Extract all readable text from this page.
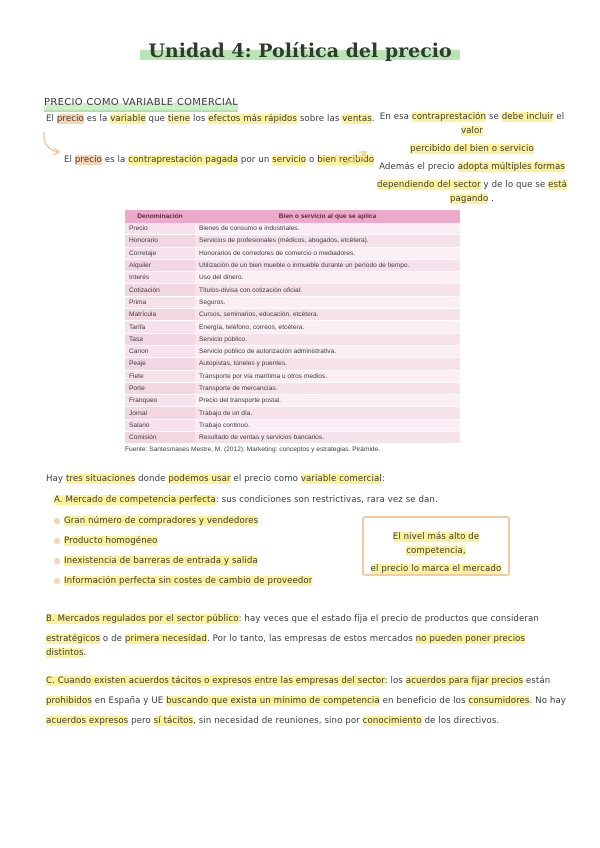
Unidad 4: Política del precio
PRECIO COMO VARIABLE COMERCIAL
El precio es la variable que tiene los efectos más rápidos sobre las ventas.
El precio es la contraprestación pagada por un servicio o bien recibido
En esa contraprestación se debe incluir el valor
percibido del bien o servicio
Además el precio adopta múltiples formas
dependiendo del sector y de lo que se está pagando .
Denominación	Bien o servicio al que se aplica
Precio	Bienes de consumo e industriales.
Honorario	Servicios de profesionales (médicos, abogados, etcétera).
Corretaje	Honorarios de corredores de comercio o mediadores.
Alquiler	Utilización de un bien mueble o inmueble durante un período de tiempo.
Interés	Uso del dinero.
Cotización	Títulos-divisa con cotización oficial.
Prima	Seguros.
Matrícula	Cursos, seminarios, educación, etcétera.
Tarifa	Energía, teléfono, correos, etcétera.
Tasa	Servicio público.
Canon	Servicio público de autorización administrativa.
Peaje	Autopistas, túneles y puentes.
Flete	Transporte por vía marítima u otros medios.
Porte	Transporte de mercancías.
Franqueo	Precio del transporte postal.
Jornal	Trabajo de un día.
Salario	Trabajo continuo.
Comisión	Resultado de ventas y servicios bancarios.
Fuente: Santesmases Mestre, M. (2012): Marketing: conceptos y estrategias. Pirámide.
Hay tres situaciones donde podemos usar el precio como variable comercial:
A. Mercado de competencia perfecta: sus condiciones son restrictivas, rara vez se dan.
Gran número de compradores y vendedores
Producto homogéneo
Inexistencia de barreras de entrada y salida
Información perfecta sin costes de cambio de proveedor
El nivel más alto de competencia,
el precio lo marca el mercado
B. Mercados regulados por el sector público: hay veces que el estado fija el precio de productos que consideran
estratégicos o de primera necesidad. Por lo tanto, las empresas de estos mercados no pueden poner precios distintos.
C. Cuando existen acuerdos tácitos o expresos entre las empresas del sector: los acuerdos para fijar precios están
prohibidos en España y UE buscando que exista un mínimo de competencia en beneficio de los consumidores. No hay
acuerdos expresos pero sí tácitos, sin necesidad de reuniones, sino por conocimiento de los directivos.
